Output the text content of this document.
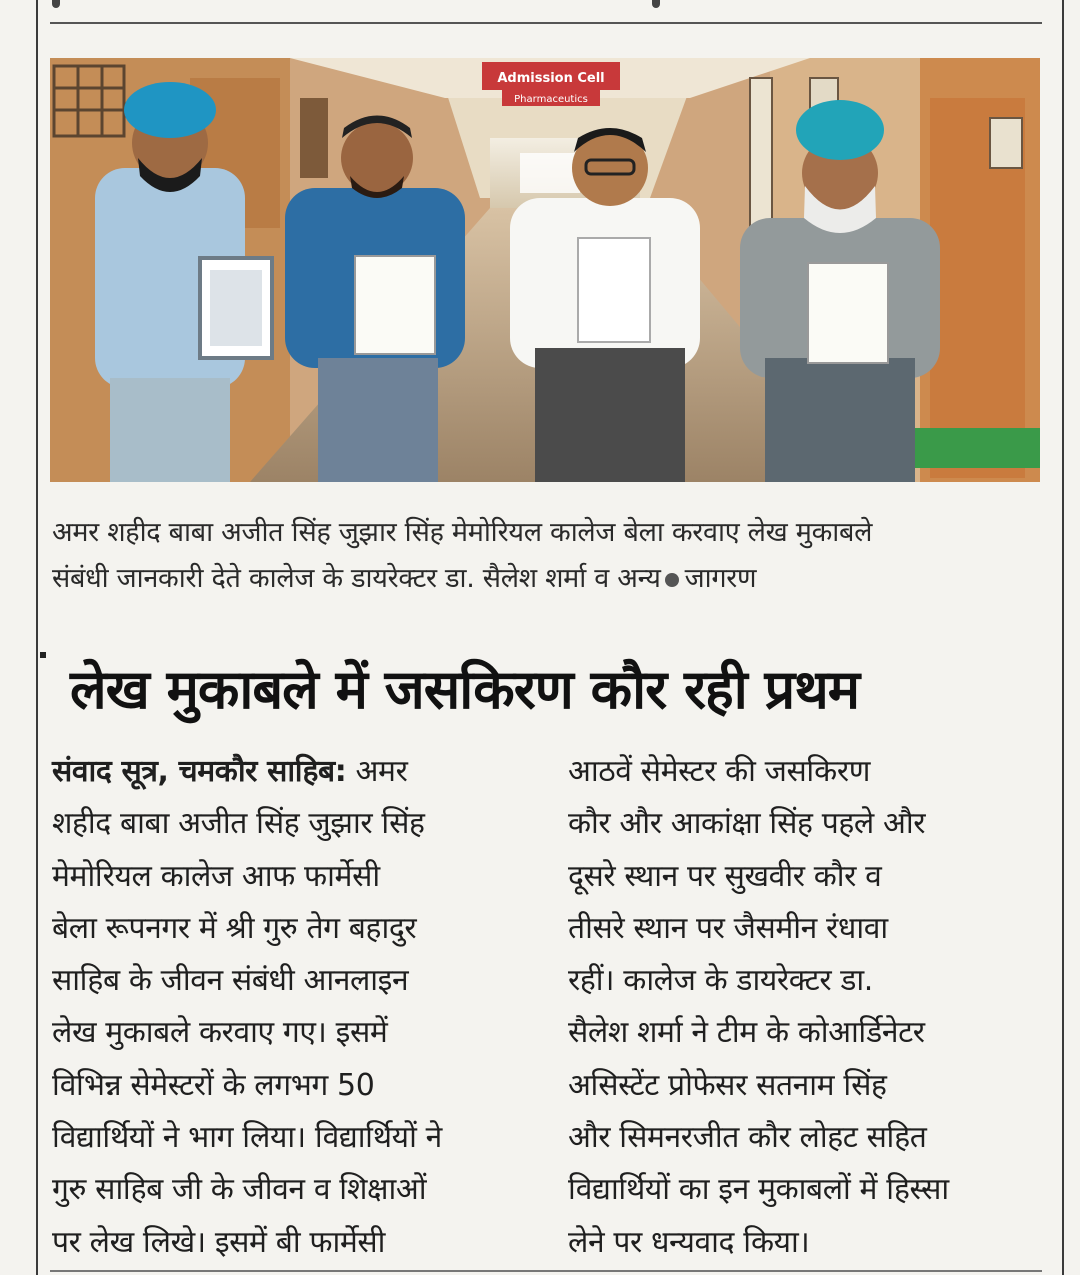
Admission Cell
Pharmaceutics
अमर शहीद बाबा अजीत सिंह जुझार सिंह मेमोरियल कालेज बेला करवाए लेख मुकाबले
संबंधी जानकारी देते कालेज के डायरेक्टर डा. सैलेश शर्मा व अन्य जागरण
लेख मुकाबले में जसकिरण कौर रही प्रथम
संवाद सूत्र, चमकौर साहिब: अमर
शहीद बाबा अजीत सिंह जुझार सिंह
मेमोरियल कालेज आफ फार्मेसी
बेला रूपनगर में श्री गुरु तेग बहादुर
साहिब के जीवन संबंधी आनलाइन
लेख मुकाबले करवाए गए। इसमें
विभिन्न सेमेस्टरों के लगभग 50
विद्यार्थियों ने भाग लिया। विद्यार्थियों ने
गुरु साहिब जी के जीवन व शिक्षाओं
पर लेख लिखे। इसमें बी फार्मेसी
आठवें सेमेस्टर की जसकिरण
कौर और आकांक्षा सिंह पहले और
दूसरे स्थान पर सुखवीर कौर व
तीसरे स्थान पर जैसमीन रंधावा
रहीं। कालेज के डायरेक्टर डा.
सैलेश शर्मा ने टीम के कोआर्डिनेटर
असिस्टेंट प्रोफेसर सतनाम सिंह
और सिमनरजीत कौर लोहट सहित
विद्यार्थियों का इन मुकाबलों में हिस्सा
लेने पर धन्यवाद किया।
